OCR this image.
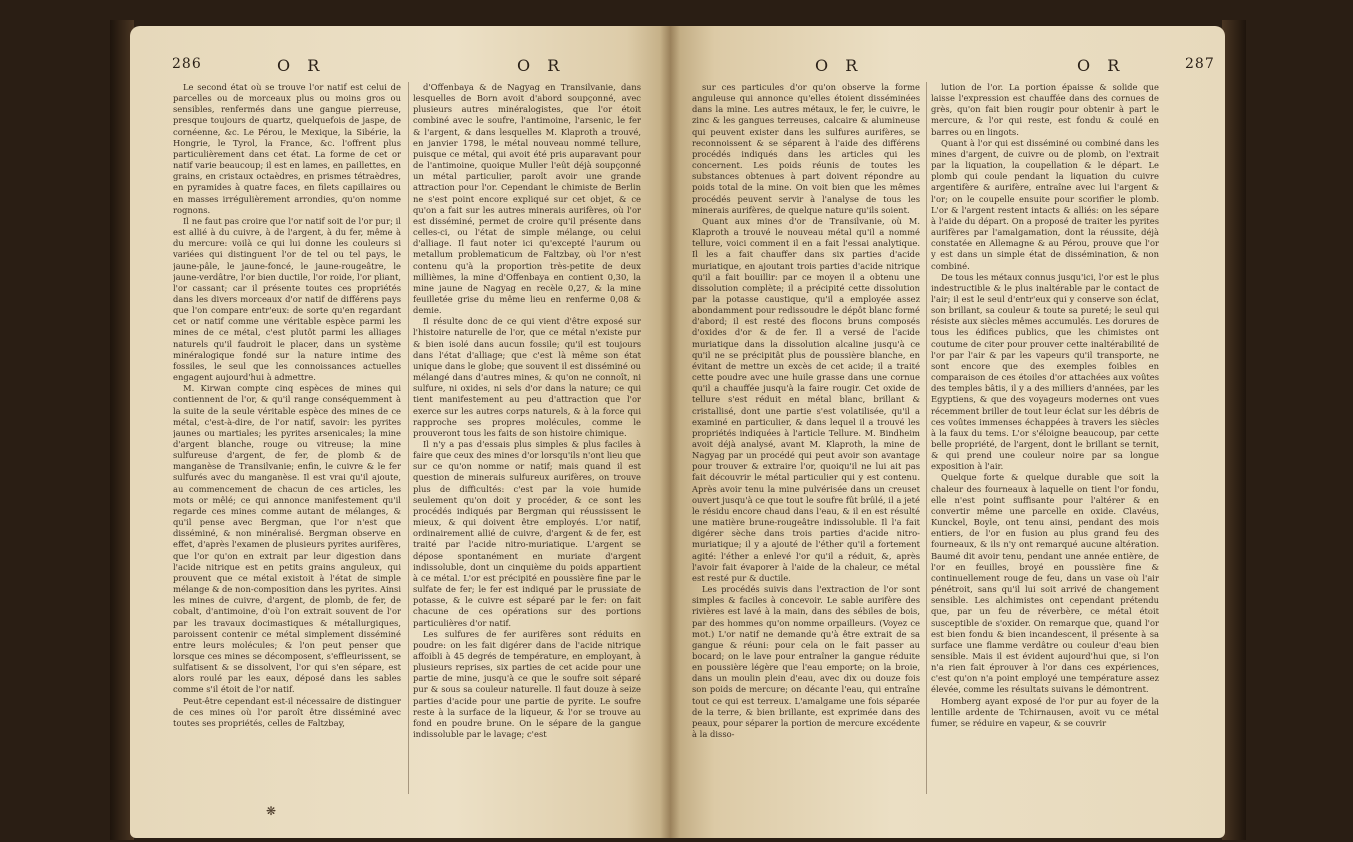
286	O R	O R	O R	O R	287

Le second état où se trouve l'or natif est celui de parcelles ou de morceaux plus ou moins gros ou sensibles, renfermés dans une gangue pierreuse, presque toujours de quartz, quelquefois de jaspe, de cornéenne, &c. Le Pérou, le Mexique, la Sibérie, la Hongrie, le Tyrol, la France, &c. l'offrent plus particulièrement dans cet état. La forme de cet or natif varie beaucoup; il est en lames, en paillettes, en grains, en cristaux octaèdres, en prismes tétraèdres, en pyramides à quatre faces, en filets capillaires ou en masses irrégulièrement arrondies, qu'on nomme rognons.

Il ne faut pas croire que l'or natif soit de l'or pur; il est allié à du cuivre, à de l'argent, à du fer, même à du mercure: voilà ce qui lui donne les couleurs si variées qui distinguent l'or de tel ou tel pays, le jaune-pâle, le jaune-foncé, le jaune-rougeâtre, le jaune-verdâtre, l'or bien ductile, l'or roide, l'or pliant, l'or cassant; car il présente toutes ces propriétés dans les divers morceaux d'or natif de différens pays que l'on compare entr'eux: de sorte qu'en regardant cet or natif comme une véritable espèce parmi les mines de ce métal, c'est plutôt parmi les alliages naturels qu'il faudroit le placer, dans un système minéralogique fondé sur la nature intime des fossiles, le seul que les connoissances actuelles engagent aujourd'hui à admettre.

M. Kirwan compte cinq espèces de mines qui contiennent de l'or, & qu'il range conséquemment à la suite de la seule véritable espèce des mines de ce métal, c'est-à-dire, de l'or natif, savoir: les pyrites jaunes ou martiales; les pyrites arsenicales; la mine d'argent blanche, rouge ou vitreuse; la mine sulfureuse d'argent, de fer, de plomb & de manganèse de Transilvanie; enfin, le cuivre & le fer sulfurés avec du manganèse. Il est vrai qu'il ajoute, au commencement de chacun de ces articles, les mots or mêlé; ce qui annonce manifestement qu'il regarde ces mines comme autant de mélanges, & qu'il pense avec Bergman, que l'or n'est que disséminé, & non minéralisé. Bergman observe en effet, d'après l'examen de plusieurs pyrites aurifères, que l'or qu'on en extrait par leur digestion dans l'acide nitrique est en petits grains anguleux, qui prouvent que ce métal existoit à l'état de simple mélange & de non-composition dans les pyrites. Ainsi les mines de cuivre, d'argent, de plomb, de fer, de cobalt, d'antimoine, d'où l'on extrait souvent de l'or par les travaux docimastiques & métallurgiques, paroissent contenir ce métal simplement disséminé entre leurs molécules; & l'on peut penser que lorsque ces mines se décomposent, s'effleurissent, se sulfatisent & se dissolvent, l'or qui s'en sépare, est alors roulé par les eaux, déposé dans les sables comme s'il étoit de l'or natif.

Peut-être cependant est-il nécessaire de distinguer de ces mines où l'or paroît être disséminé avec toutes ses propriétés, celles de Faltzbay,

d'Offenbaya & de Nagyag en Transilvanie, dans lesquelles de Born avoit d'abord soupçonné, avec plusieurs autres minéralogistes, que l'or étoit combiné avec le soufre, l'antimoine, l'arsenic, le fer & l'argent, & dans lesquelles M. Klaproth a trouvé, en janvier 1798, le métal nouveau nommé tellure, puisque ce métal, qui avoit été pris auparavant pour de l'antimoine, quoique Muller l'eût déjà soupçonné un métal particulier, paroît avoir une grande attraction pour l'or. Cependant le chimiste de Berlin ne s'est point encore expliqué sur cet objet, & ce qu'on a fait sur les autres minerais aurifères, où l'or est disséminé, permet de croire qu'il présente dans celles-ci, ou l'état de simple mélange, ou celui d'alliage. Il faut noter ici qu'excepté l'aurum ou metallum problematicum de Faltzbay, où l'or n'est contenu qu'à la proportion très-petite de deux millièmes, la mine d'Offenbaya en contient 0,30, la mine jaune de Nagyag en recèle 0,27, & la mine feuilletée grise du même lieu en renferme 0,08 & demie.

Il résulte donc de ce qui vient d'être exposé sur l'histoire naturelle de l'or, que ce métal n'existe pur & bien isolé dans aucun fossile; qu'il est toujours dans l'état d'alliage; que c'est là même son état unique dans le globe; que souvent il est disséminé ou mélangé dans d'autres mines, & qu'on ne connoît, ni sulfure, ni oxides, ni sels d'or dans la nature; ce qui tient manifestement au peu d'attraction que l'or exerce sur les autres corps naturels, & à la force qui rapproche ses propres molécules, comme le prouveront tous les faits de son histoire chimique.

Il n'y a pas d'essais plus simples & plus faciles à faire que ceux des mines d'or lorsqu'ils n'ont lieu que sur ce qu'on nomme or natif; mais quand il est question de minerais sulfureux aurifères, on trouve plus de difficultés: c'est par la voie humide seulement qu'on doit y procéder, & ce sont les procédés indiqués par Bergman qui réussissent le mieux, & qui doivent être employés. L'or natif, ordinairement allié de cuivre, d'argent & de fer, est traité par l'acide nitro-muriatique. L'argent se dépose spontanément en muriate d'argent indissoluble, dont un cinquième du poids appartient à ce métal. L'or est précipité en poussière fine par le sulfate de fer; le fer est indiqué par le prussiate de potasse, & le cuivre est séparé par le fer: on fait chacune de ces opérations sur des portions particulières d'or natif.

Les sulfures de fer aurifères sont réduits en poudre: on les fait digérer dans de l'acide nitrique affoibli à 45 degrés de température, en employant, à plusieurs reprises, six parties de cet acide pour une partie de mine, jusqu'à ce que le soufre soit séparé pur & sous sa couleur naturelle. Il faut douze à seize parties d'acide pour une partie de pyrite. Le soufre reste à la surface de la liqueur, & l'or se trouve au fond en poudre brune. On le sépare de la gangue indissoluble par le lavage; c'est

sur ces particules d'or qu'on observe la forme anguleuse qui annonce qu'elles étoient disséminées dans la mine. Les autres métaux, le fer, le cuivre, le zinc & les gangues terreuses, calcaire & alumineuse qui peuvent exister dans les sulfures aurifères, se reconnoissent & se séparent à l'aide des différens procédés indiqués dans les articles qui les concernent. Les poids réunis de toutes les substances obtenues à part doivent répondre au poids total de la mine. On voit bien que les mêmes procédés peuvent servir à l'analyse de tous les minerais aurifères, de quelque nature qu'ils soient.

Quant aux mines d'or de Transilvanie, où M. Klaproth a trouvé le nouveau métal qu'il a nommé tellure, voici comment il en a fait l'essai analytique. Il les a fait chauffer dans six parties d'acide muriatique, en ajoutant trois parties d'acide nitrique qu'il a fait bouillir: par ce moyen il a obtenu une dissolution complète; il a précipité cette dissolution par la potasse caustique, qu'il a employée assez abondamment pour redissoudre le dépôt blanc formé d'abord; il est resté des flocons bruns composés d'oxides d'or & de fer. Il a versé de l'acide muriatique dans la dissolution alcaline jusqu'à ce qu'il ne se précipitât plus de poussière blanche, en évitant de mettre un excès de cet acide; il a traité cette poudre avec une huile grasse dans une cornue qu'il a chauffée jusqu'à la faire rougir. Cet oxide de tellure s'est réduit en métal blanc, brillant & cristallisé, dont une partie s'est volatilisée, qu'il a examiné en particulier, & dans lequel il a trouvé les propriétés indiquées à l'article Tellure. M. Bindheim avoit déjà analysé, avant M. Klaproth, la mine de Nagyag par un procédé qui peut avoir son avantage pour trouver & extraire l'or, quoiqu'il ne lui ait pas fait découvrir le métal particulier qui y est contenu. Après avoir tenu la mine pulvérisée dans un creuset ouvert jusqu'à ce que tout le soufre fût brûlé, il a jeté le résidu encore chaud dans l'eau, & il en est résulté une matière brune-rougeâtre indissoluble. Il l'a fait digérer sèche dans trois parties d'acide nitro-muriatique; il y a ajouté de l'éther qu'il a fortement agité: l'éther a enlevé l'or qu'il a réduit, &, après l'avoir fait évaporer à l'aide de la chaleur, ce métal est resté pur & ductile.

Les procédés suivis dans l'extraction de l'or sont simples & faciles à concevoir. Le sable aurifère des rivières est lavé à la main, dans des sébiles de bois, par des hommes qu'on nomme orpailleurs. (Voyez ce mot.) L'or natif ne demande qu'à être extrait de sa gangue & réuni: pour cela on le fait passer au bocard; on le lave pour entraîner la gangue réduite en poussière légère que l'eau emporte; on la broie, dans un moulin plein d'eau, avec dix ou douze fois son poids de mercure; on décante l'eau, qui entraîne tout ce qui est terreux. L'amalgame une fois séparée de la terre, & bien brillante, est exprimée dans des peaux, pour séparer la portion de mercure excédente à la disso-

lution de l'or. La portion épaisse & solide que laisse l'expression est chauffée dans des cornues de grès, qu'on fait bien rougir pour obtenir à part le mercure, & l'or qui reste, est fondu & coulé en barres ou en lingots.

Quant à l'or qui est disséminé ou combiné dans les mines d'argent, de cuivre ou de plomb, on l'extrait par la liquation, la coupellation & le départ. Le plomb qui coule pendant la liquation du cuivre argentifère & aurifère, entraîne avec lui l'argent & l'or; on le coupelle ensuite pour scorifier le plomb. L'or & l'argent restent intacts & alliés: on les sépare à l'aide du départ. On a proposé de traiter les pyrites aurifères par l'amalgamation, dont la réussite, déjà constatée en Allemagne & au Pérou, prouve que l'or y est dans un simple état de dissémination, & non combiné.

De tous les métaux connus jusqu'ici, l'or est le plus indestructible & le plus inaltérable par le contact de l'air; il est le seul d'entr'eux qui y conserve son éclat, son brillant, sa couleur & toute sa pureté; le seul qui résiste aux siècles mêmes accumulés. Les dorures de tous les édifices publics, que les chimistes ont coutume de citer pour prouver cette inaltérabilité de l'or par l'air & par les vapeurs qu'il transporte, ne sont encore que des exemples foibles en comparaison de ces étoiles d'or attachées aux voûtes des temples bâtis, il y a des milliers d'années, par les Egyptiens, & que des voyageurs modernes ont vues récemment briller de tout leur éclat sur les débris de ces voûtes immenses échappées à travers les siècles à la faux du tems. L'or s'éloigne beaucoup, par cette belle propriété, de l'argent, dont le brillant se ternit, & qui prend une couleur noire par sa longue exposition à l'air.

Quelque forte & quelque durable que soit la chaleur des fourneaux à laquelle on tient l'or fondu, elle n'est point suffisante pour l'altérer & en convertir même une parcelle en oxide. Clavéus, Kunckel, Boyle, ont tenu ainsi, pendant des mois entiers, de l'or en fusion au plus grand feu des fourneaux, & ils n'y ont remarqué aucune altération. Baumé dit avoir tenu, pendant une année entière, de l'or en feuilles, broyé en poussière fine & continuellement rouge de feu, dans un vase où l'air pénétroit, sans qu'il lui soit arrivé de changement sensible. Les alchimistes ont cependant prétendu que, par un feu de réverbère, ce métal étoit susceptible de s'oxider. On remarque que, quand l'or est bien fondu & bien incandescent, il présente à sa surface une flamme verdâtre ou couleur d'eau bien sensible. Mais il est évident aujourd'hui que, si l'on n'a rien fait éprouver à l'or dans ces expériences, c'est qu'on n'a point employé une température assez élevée, comme les résultats suivans le démontrent.

Homberg ayant exposé de l'or pur au foyer de la lentille ardente de Tchirnausen, avoit vu ce métal fumer, se réduire en vapeur, & se couvrir

❋
